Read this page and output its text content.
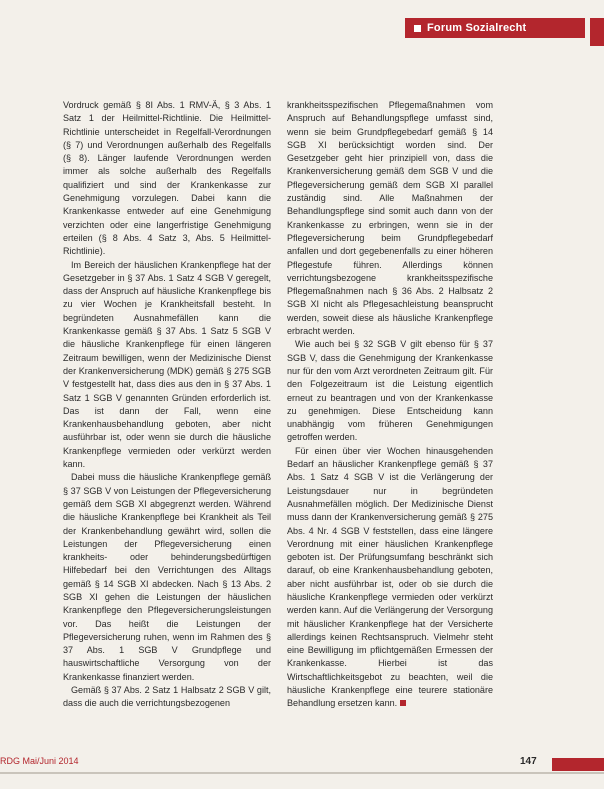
Forum Sozialrecht

Vordruck gemäß § 8I Abs. 1 RMV-Ä, § 3 Abs. 1 Satz 1 der Heilmittel-Richtlinie. Die Heilmittel-Richtlinie unterscheidet in Regelfall-Verordnungen (§ 7) und Verordnungen außerhalb des Regelfalls (§ 8). Länger laufende Verordnungen werden immer als solche außerhalb des Regelfalls qualifiziert und sind der Krankenkasse zur Genehmigung vorzulegen. Dabei kann die Krankenkasse entweder auf eine Genehmigung verzichten oder eine langerfristige Genehmigung erteilen (§ 8 Abs. 4 Satz 3, Abs. 5 Heilmittel-Richtlinie).

Im Bereich der häuslichen Krankenpflege hat der Gesetzgeber in § 37 Abs. 1 Satz 4 SGB V geregelt, dass der Anspruch auf häusliche Krankenpflege bis zu vier Wochen je Krankheitsfall besteht. In begründeten Ausnahmefällen kann die Krankenkasse gemäß § 37 Abs. 1 Satz 5 SGB V die häusliche Krankenpflege für einen längeren Zeitraum bewilligen, wenn der Medizinische Dienst der Krankenversicherung (MDK) gemäß § 275 SGB V festgestellt hat, dass dies aus den in § 37 Abs. 1 Satz 1 SGB V genannten Gründen erforderlich ist. Das ist dann der Fall, wenn eine Krankenhausbehandlung geboten, aber nicht ausführbar ist, oder wenn sie durch die häusliche Krankenpflege vermieden oder verkürzt werden kann.

Dabei muss die häusliche Krankenpflege gemäß § 37 SGB V von Leistungen der Pflegeversicherung gemäß dem SGB XI abgegrenzt werden. Während die häusliche Krankenpflege bei Krankheit als Teil der Krankenbehandlung gewährt wird, sollen die Leistungen der Pflegeversicherung einen krankheits- oder behinderungsbedürftigen Hilfebedarf bei den Verrichtungen des Alltags gemäß § 14 SGB XI abdecken. Nach § 13 Abs. 2 SGB XI gehen die Leistungen der häuslichen Krankenpflege den Pflegeversicherungsleistungen vor. Das heißt die Leistungen der Pflegeversicherung ruhen, wenn im Rahmen des § 37 Abs. 1 SGB V Grundpflege und hauswirtschaftliche Versorgung von der Krankenkasse finanziert werden.

Gemäß § 37 Abs. 2 Satz 1 Halbsatz 2 SGB V gilt, dass die auch die verrichtungsbezogenen

krankheitsspezifischen Pflegemaßnahmen vom Anspruch auf Behandlungspflege umfasst sind, wenn sie beim Grundpflegebedarf gemäß § 14 SGB XI berücksichtigt worden sind. Der Gesetzgeber geht hier prinzipiell von, dass die Krankenversicherung gemäß dem SGB V und die Pflegeversicherung gemäß dem SGB XI parallel zuständig sind. Alle Maßnahmen der Behandlungspflege sind somit auch dann von der Krankenkasse zu erbringen, wenn sie in der Pflegeversicherung beim Grundpflegebedarf anfallen und dort gegebenenfalls zu einer höheren Pflegestufe führen. Allerdings können verrichtungsbezogene krankheitsspezifische Pflegemaßnahmen nach § 36 Abs. 2 Halbsatz 2 SGB XI nicht als Pflegesachleistung beansprucht werden, soweit diese als häusliche Krankenpflege erbracht werden.

Wie auch bei § 32 SGB V gilt ebenso für § 37 SGB V, dass die Genehmigung der Krankenkasse nur für den vom Arzt verordneten Zeitraum gilt. Für den Folgezeitraum ist die Leistung eigentlich erneut zu beantragen und von der Krankenkasse zu genehmigen. Diese Entscheidung kann unabhängig vom früheren Genehmigungen getroffen werden.

Für einen über vier Wochen hinausgehenden Bedarf an häuslicher Krankenpflege gemäß § 37 Abs. 1 Satz 4 SGB V ist die Verlängerung der Leistungsdauer nur in begründeten Ausnahmefällen möglich. Der Medizinische Dienst muss dann der Krankenversicherung gemäß § 275 Abs. 4 Nr. 4 SGB V feststellen, dass eine längere Verordnung mit einer häuslichen Krankenpflege geboten ist. Der Prüfungsumfang beschränkt sich darauf, ob eine Krankenhausbehandlung geboten, aber nicht ausführbar ist, oder ob sie durch die häusliche Krankenpflege vermieden oder verkürzt werden kann. Auf die Verlängerung der Versorgung mit häuslicher Krankenpflege hat der Versicherte allerdings keinen Rechtsanspruch. Vielmehr steht eine Bewilligung im pflichtgemäßen Ermessen der Krankenkasse. Hierbei ist das Wirtschaftlichkeitsgebot zu beachten, weil die häusliche Krankenpflege eine teurere stationäre Behandlung ersetzen kann.

RDG Mai/Juni 2014	147
